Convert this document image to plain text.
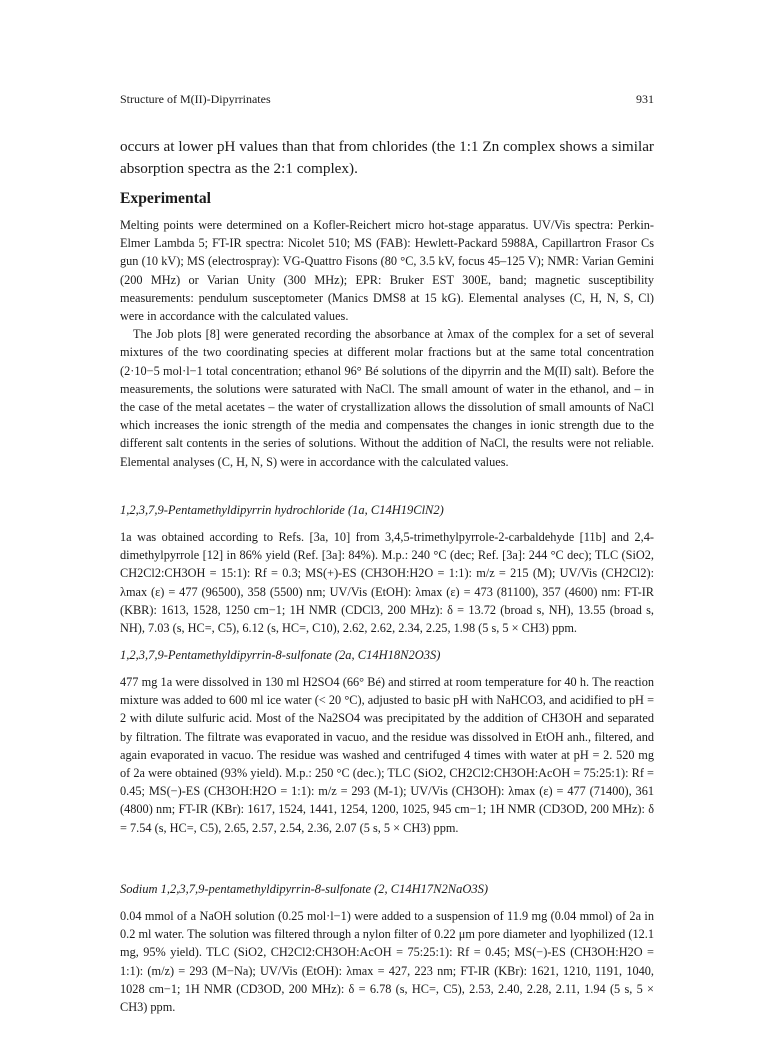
Structure of M(II)-Dipyrrinates	931

occurs at lower pH values than that from chlorides (the 1:1 Zn complex shows a similar absorption spectra as the 2:1 complex).

Experimental

Melting points were determined on a Kofler-Reichert micro hot-stage apparatus. UV/Vis spectra: Perkin-Elmer Lambda 5; FT-IR spectra: Nicolet 510; MS (FAB): Hewlett-Packard 5988A, Capillartron Frasor Cs gun (10 kV); MS (electrospray): VG-Quattro Fisons (80 °C, 3.5 kV, focus 45–125 V); NMR: Varian Gemini (200 MHz) or Varian Unity (300 MHz); EPR: Bruker EST 300E, band; magnetic susceptibility measurements: pendulum susceptometer (Manics DMS8 at 15 kG). Elemental analyses (C, H, N, S, Cl) were in accordance with the calculated values.

The Job plots [8] were generated recording the absorbance at λmax of the complex for a set of several mixtures of the two coordinating species at different molar fractions but at the same total concentration (2·10−5 mol·l−1 total concentration; ethanol 96° Bé solutions of the dipyrrin and the M(II) salt). Before the measurements, the solutions were saturated with NaCl. The small amount of water in the ethanol, and – in the case of the metal acetates – the water of crystallization allows the dissolution of small amounts of NaCl which increases the ionic strength of the media and compensates the changes in ionic strength due to the different salt contents in the series of solutions. Without the addition of NaCl, the results were not reliable. Elemental analyses (C, H, N, S) were in accordance with the calculated values.

1,2,3,7,9-Pentamethyldipyrrin hydrochloride (1a, C14H19ClN2)

1a was obtained according to Refs. [3a, 10] from 3,4,5-trimethylpyrrole-2-carbaldehyde [11b] and 2,4-dimethylpyrrole [12] in 86% yield (Ref. [3a]: 84%). M.p.: 240 °C (dec; Ref. [3a]: 244 °C dec); TLC (SiO2, CH2Cl2:CH3OH = 15:1): Rf = 0.3; MS(+)-ES (CH3OH:H2O = 1:1): m/z = 215 (M); UV/Vis (CH2Cl2): λmax (ε) = 477 (96500), 358 (5500) nm; UV/Vis (EtOH): λmax (ε) = 473 (81100), 357 (4600) nm: FT-IR (KBR): 1613, 1528, 1250 cm−1; 1H NMR (CDCl3, 200 MHz): δ = 13.72 (broad s, NH), 13.55 (broad s, NH), 7.03 (s, HC=, C5), 6.12 (s, HC=, C10), 2.62, 2.62, 2.34, 2.25, 1.98 (5 s, 5 × CH3) ppm.

1,2,3,7,9-Pentamethyldipyrrin-8-sulfonate (2a, C14H18N2O3S)

477 mg 1a were dissolved in 130 ml H2SO4 (66° Bé) and stirred at room temperature for 40 h. The reaction mixture was added to 600 ml ice water (< 20 °C), adjusted to basic pH with NaHCO3, and acidified to pH = 2 with dilute sulfuric acid. Most of the Na2SO4 was precipitated by the addition of CH3OH and separated by filtration. The filtrate was evaporated in vacuo, and the residue was dissolved in EtOH anh., filtered, and again evaporated in vacuo. The residue was washed and centrifuged 4 times with water at pH = 2. 520 mg of 2a were obtained (93% yield). M.p.: 250 °C (dec.); TLC (SiO2, CH2Cl2:CH3OH:AcOH = 75:25:1): Rf = 0.45; MS(−)-ES (CH3OH:H2O = 1:1): m/z = 293 (M-1); UV/Vis (CH3OH): λmax (ε) = 477 (71400), 361 (4800) nm; FT-IR (KBr): 1617, 1524, 1441, 1254, 1200, 1025, 945 cm−1; 1H NMR (CD3OD, 200 MHz): δ = 7.54 (s, HC=, C5), 2.65, 2.57, 2.54, 2.36, 2.07 (5 s, 5 × CH3) ppm.

Sodium 1,2,3,7,9-pentamethyldipyrrin-8-sulfonate (2, C14H17N2NaO3S)

0.04 mmol of a NaOH solution (0.25 mol·l−1) were added to a suspension of 11.9 mg (0.04 mmol) of 2a in 0.2 ml water. The solution was filtered through a nylon filter of 0.22 μm pore diameter and lyophilized (12.1 mg, 95% yield). TLC (SiO2, CH2Cl2:CH3OH:AcOH = 75:25:1): Rf = 0.45; MS(−)-ES (CH3OH:H2O = 1:1): (m/z) = 293 (M−Na); UV/Vis (EtOH): λmax = 427, 223 nm; FT-IR (KBr): 1621, 1210, 1191, 1040, 1028 cm−1; 1H NMR (CD3OD, 200 MHz): δ = 6.78 (s, HC=, C5), 2.53, 2.40, 2.28, 2.11, 1.94 (5 s, 5 × CH3) ppm.
